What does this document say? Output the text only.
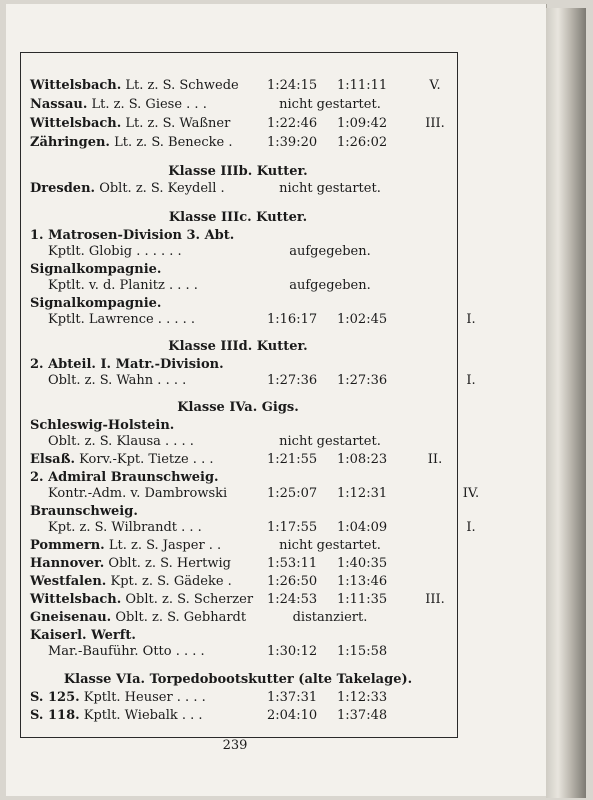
Wittelsbach. Lt. z. S. Schwede 1:24:15 1:11:11	V.
Nassau. Lt. z. S. Giese . . .	nicht gestartet.
Wittelsbach. Lt. z. S. Waßner	1:22:46 1:09:42	III.
Zähringen. Lt. z. S. Benecke .	1:39:20 1:26:02
Klasse IIIb. Kutter.
Dresden. Oblt. z. S. Keydell .	nicht gestartet.
Klasse IIIc. Kutter.
1. Matrosen-Division 3. Abt.
Kptlt. Globig . . . . . .	aufgegeben.
Signalkompagnie.
Kptlt. v. d. Planitz . . . .	aufgegeben.
Signalkompagnie.
Kptlt. Lawrence . . . . .	1:16:17 1:02:45	I.
Klasse IIId. Kutter.
2. Abteil. I. Matr.-Division.
Oblt. z. S. Wahn . . . .	1:27:36 1:27:36	I.
Klasse IVa. Gigs.
Schleswig-Holstein.
Oblt. z. S. Klausa . . . .	nicht gestartet.
Elsaß. Korv.-Kpt. Tietze . . .	1:21:55 1:08:23	II.
2. Admiral Braunschweig.
Kontr.-Adm. v. Dambrowski	1:25:07 1:12:31	IV.
Braunschweig.
Kpt. z. S. Wilbrandt . . .	1:17:55 1:04:09	I.
Pommern. Lt. z. S. Jasper . .	nicht gestartet.
Hannover. Oblt. z. S. Hertwig	1:53:11 1:40:35
Westfalen. Kpt. z. S. Gädeke .	1:26:50 1:13:46
Wittelsbach. Oblt. z. S. Scherzer 1:24:53 1:11:35	III.
Gneisenau. Oblt. z. S. Gebhardt	distanziert.
Kaiserl. Werft.
Mar.-Bauführ. Otto . . . .	1:30:12 1:15:58
Klasse VIa. Torpedobootskutter (alte Takelage).
S. 125. Kptlt. Heuser . . . .	1:37:31 1:12:33
S. 118. Kptlt. Wiebalk . . .	2:04:10 1:37:48
239
